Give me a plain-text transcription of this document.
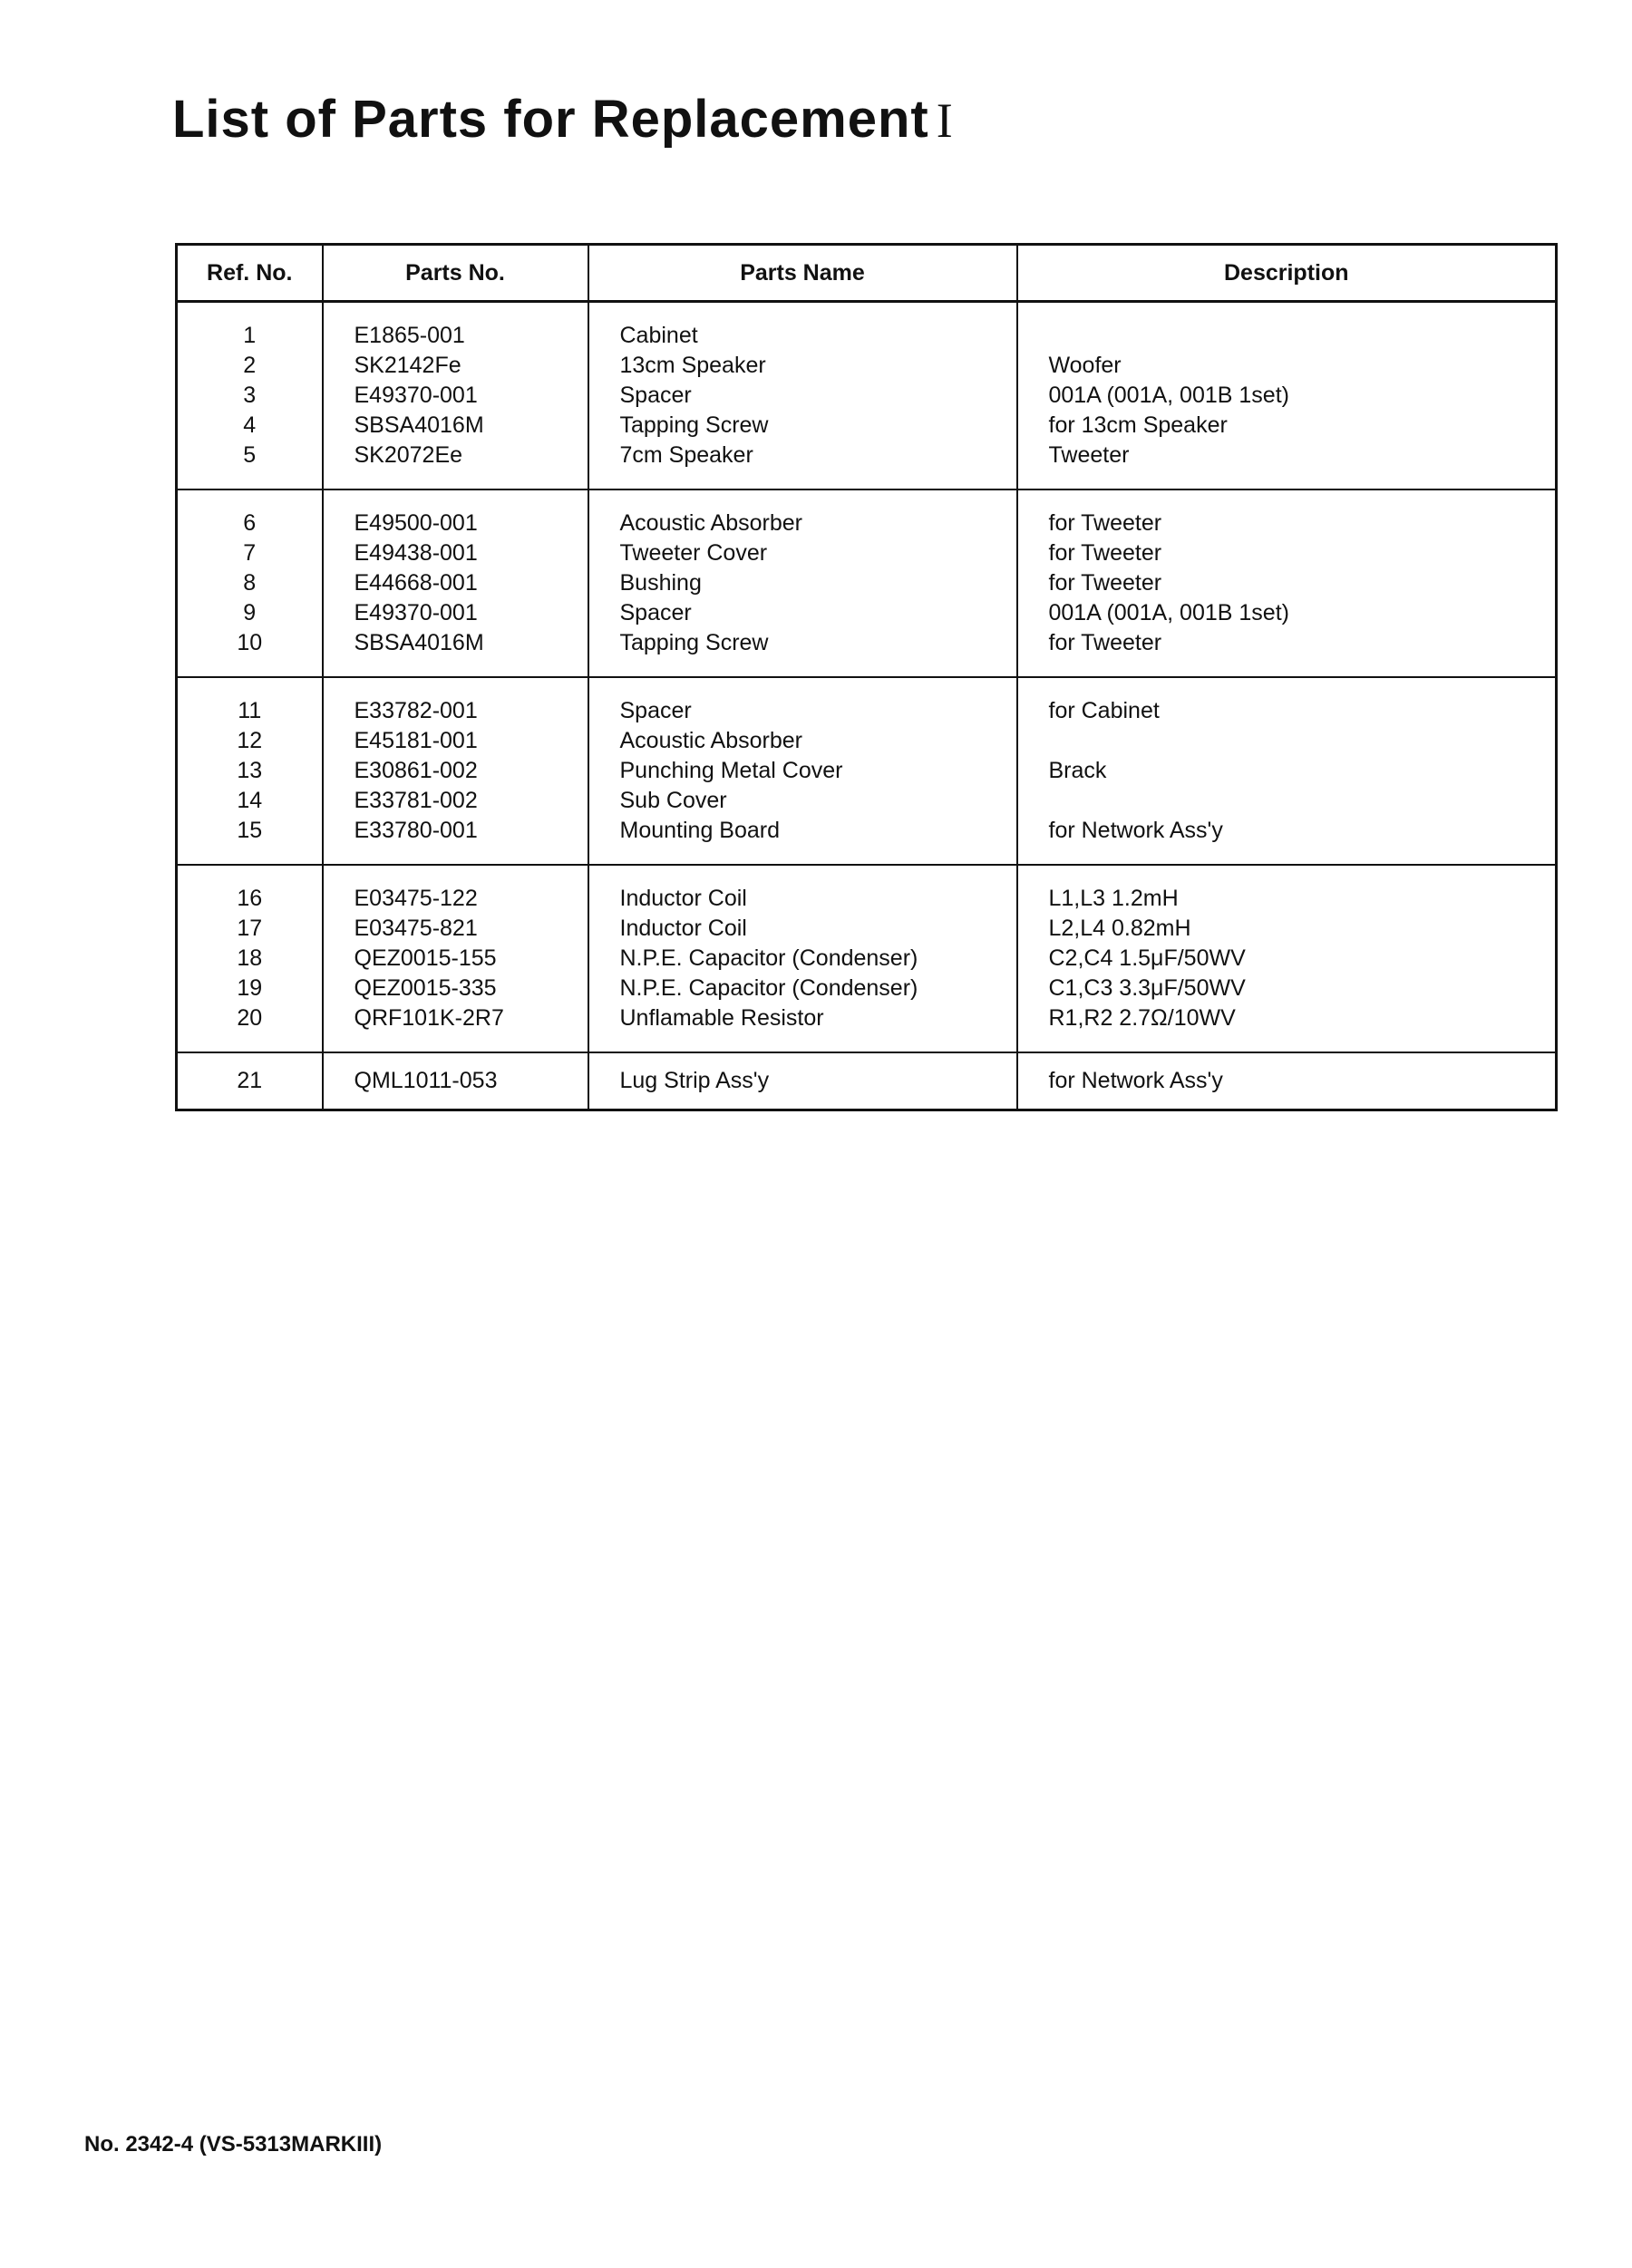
List of Parts for Replacement I
Ref. No.	Parts No.	Parts Name	Description
1	E1865-001	Cabinet	
2	SK2142Fe	13cm Speaker	Woofer
3	E49370-001	Spacer	001A (001A, 001B 1set)
4	SBSA4016M	Tapping Screw	for 13cm Speaker
5	SK2072Ee	7cm Speaker	Tweeter
6	E49500-001	Acoustic Absorber	for Tweeter
7	E49438-001	Tweeter Cover	for Tweeter
8	E44668-001	Bushing	for Tweeter
9	E49370-001	Spacer	001A (001A, 001B 1set)
10	SBSA4016M	Tapping Screw	for Tweeter
11	E33782-001	Spacer	for Cabinet
12	E45181-001	Acoustic Absorber	
13	E30861-002	Punching Metal Cover	Brack
14	E33781-002	Sub Cover	
15	E33780-001	Mounting Board	for Network Ass'y
16	E03475-122	Inductor Coil	L1,L3 1.2mH
17	E03475-821	Inductor Coil	L2,L4 0.82mH
18	QEZ0015-155	N.P.E. Capacitor (Condenser)	C2,C4 1.5μF/50WV
19	QEZ0015-335	N.P.E. Capacitor (Condenser)	C1,C3 3.3μF/50WV
20	QRF101K-2R7	Unflamable Resistor	R1,R2 2.7Ω/10WV
21	QML1011-053	Lug Strip Ass'y	for Network Ass'y
No. 2342-4 (VS-5313MARKIII)
